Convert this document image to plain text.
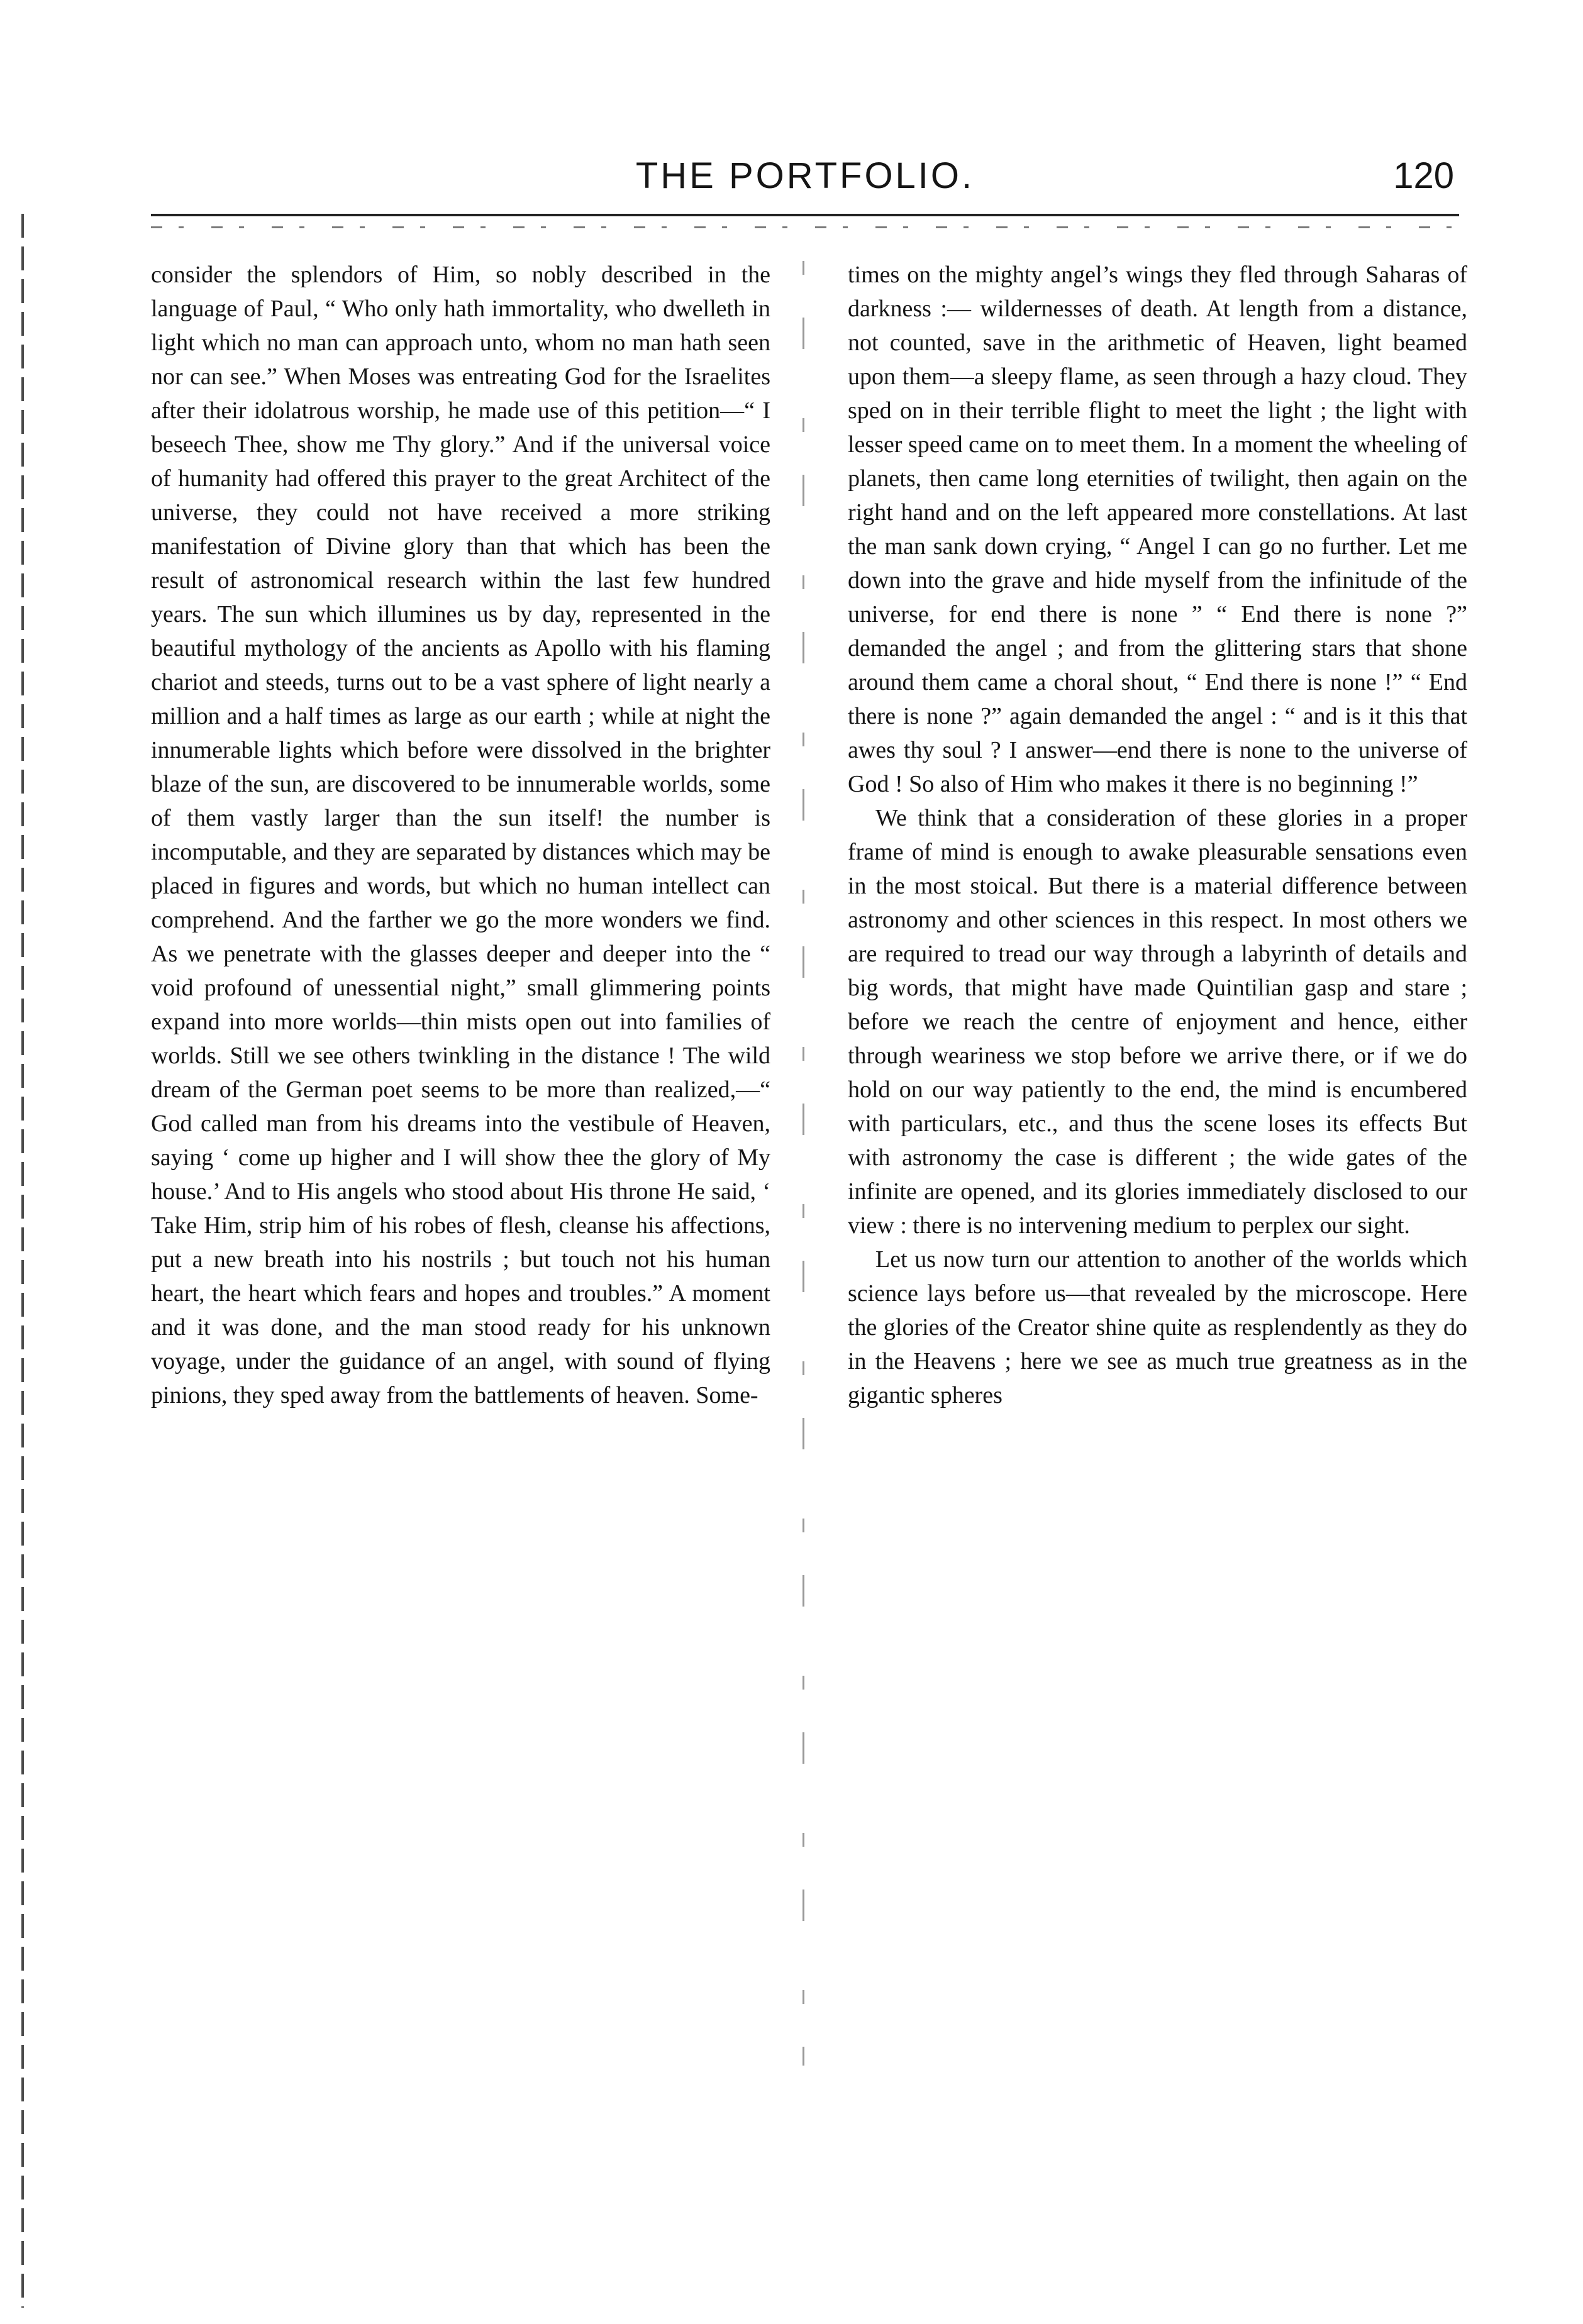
THE PORTFOLIO.	120

consider the splendors of Him, so nobly described in the language of Paul, “ Who only hath immortality, who dwelleth in light which no man can approach unto, whom no man hath seen nor can see.” When Moses was entreating God for the Israelites after their idolatrous worship, he made use of this petition—“ I beseech Thee, show me Thy glory.” And if the universal voice of humanity had offered this prayer to the great Architect of the universe, they could not have received a more striking manifestation of Divine glory than that which has been the result of astronomical research within the last few hundred years. The sun which illumines us by day, represented in the beautiful mythology of the ancients as Apollo with his flaming chariot and steeds, turns out to be a vast sphere of light nearly a million and a half times as large as our earth ; while at night the innumerable lights which before were dissolved in the brighter blaze of the sun, are discovered to be innumerable worlds, some of them vastly larger than the sun itself! the number is incomputable, and they are separated by distances which may be placed in figures and words, but which no human intellect can comprehend. And the farther we go the more wonders we find. As we penetrate with the glasses deeper and deeper into the “ void profound of unessential night,” small glimmering points expand into more worlds—thin mists open out into families of worlds. Still we see others twinkling in the distance ! The wild dream of the German poet seems to be more than realized,—“ God called man from his dreams into the vestibule of Heaven, saying ‘ come up higher and I will show thee the glory of My house.’ And to His angels who stood about His throne He said, ‘ Take Him, strip him of his robes of flesh, cleanse his affections, put a new breath into his nostrils ; but touch not his human heart, the heart which fears and hopes and troubles.” A moment and it was done, and the man stood ready for his unknown voyage, under the guidance of an angel, with sound of flying pinions, they sped away from the battlements of heaven. Some-

times on the mighty angel’s wings they fled through Saharas of darkness :— wildernesses of death. At length from a distance, not counted, save in the arithmetic of Heaven, light beamed upon them—a sleepy flame, as seen through a hazy cloud. They sped on in their terrible flight to meet the light ; the light with lesser speed came on to meet them. In a moment the wheeling of planets, then came long eternities of twilight, then again on the right hand and on the left appeared more constellations. At last the man sank down crying, “ Angel I can go no further. Let me down into the grave and hide myself from the infinitude of the universe, for end there is none ” “ End there is none ?” demanded the angel ; and from the glittering stars that shone around them came a choral shout, “ End there is none !” “ End there is none ?” again demanded the angel : “ and is it this that awes thy soul ? I answer—end there is none to the universe of God ! So also of Him who makes it there is no beginning !”

We think that a consideration of these glories in a proper frame of mind is enough to awake pleasurable sensations even in the most stoical. But there is a material difference between astronomy and other sciences in this respect. In most others we are required to tread our way through a labyrinth of details and big words, that might have made Quintilian gasp and stare ; before we reach the centre of enjoyment and hence, either through weariness we stop before we arrive there, or if we do hold on our way patiently to the end, the mind is encumbered with particulars, etc., and thus the scene loses its effects But with astronomy the case is different ; the wide gates of the infinite are opened, and its glories immediately disclosed to our view : there is no intervening medium to perplex our sight.

Let us now turn our attention to another of the worlds which science lays before us—that revealed by the microscope. Here the glories of the Creator shine quite as resplendently as they do in the Heavens ; here we see as much true greatness as in the gigantic spheres
